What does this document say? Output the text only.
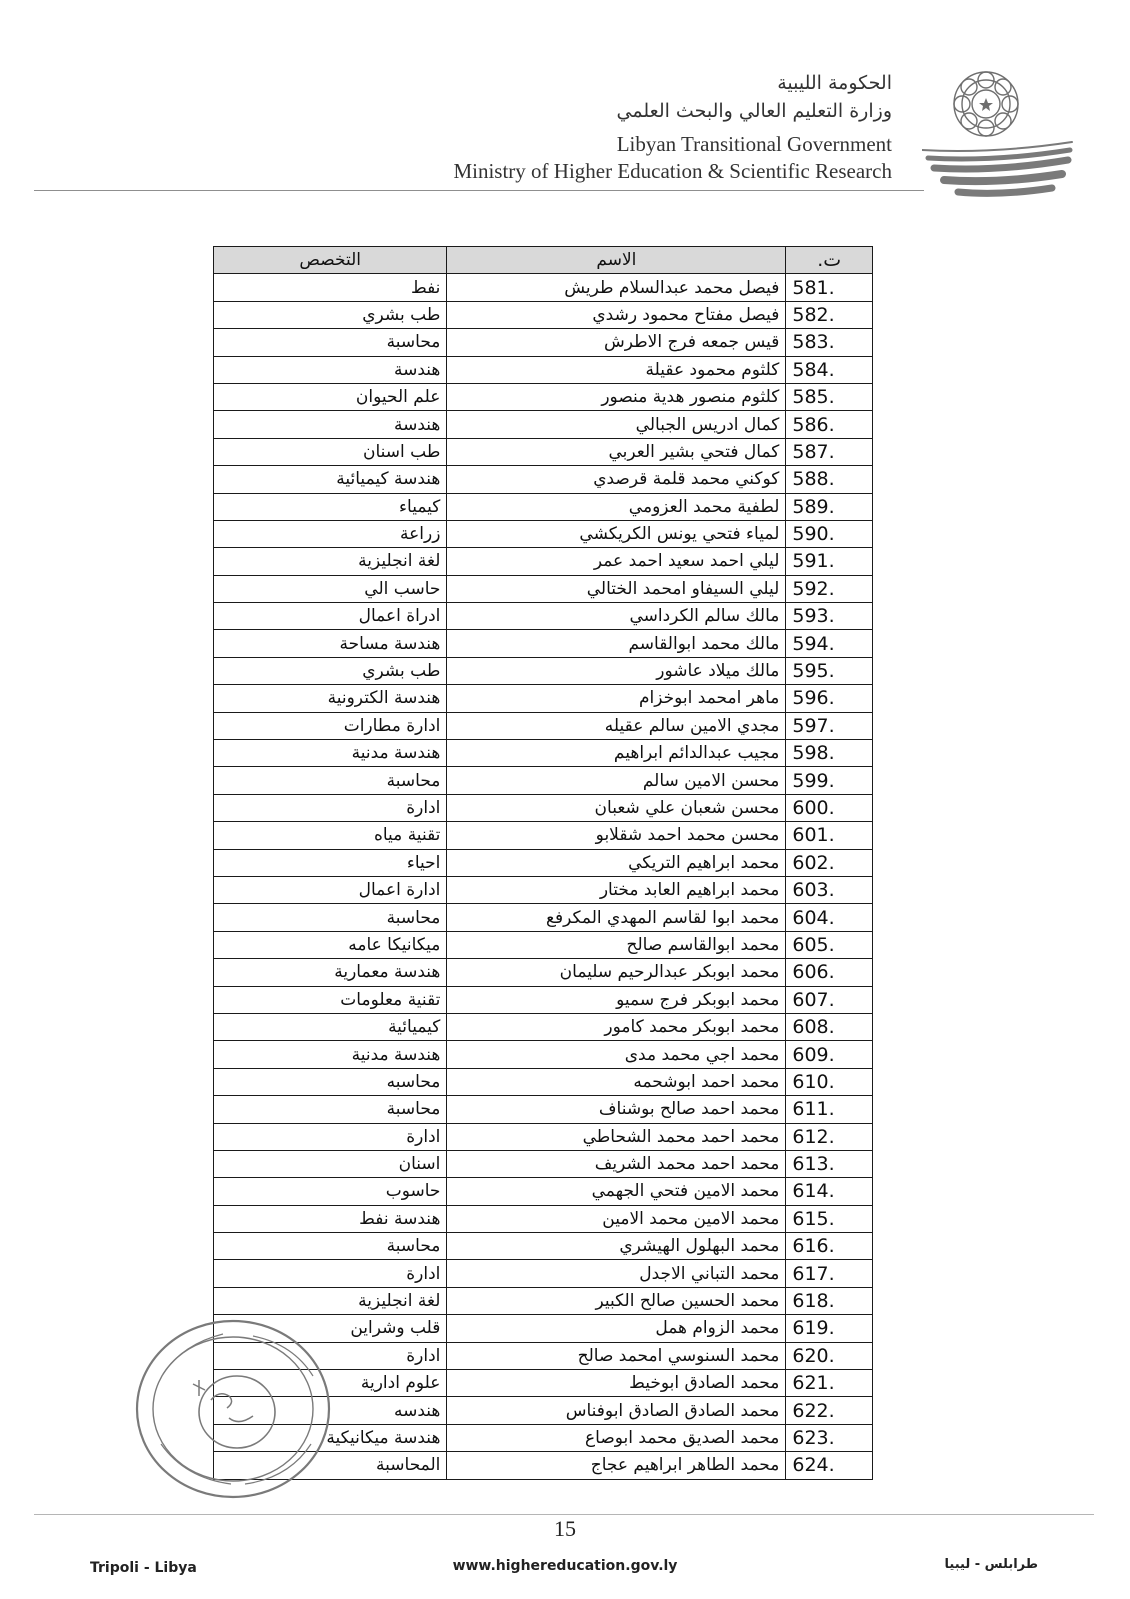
الحكومة الليبية
وزارة التعليم العالي والبحث العلمي
Libyan Transitional Government
Ministry of Higher Education & Scientific Research
ت.	الاسم	التخصص
581.	فيصل محمد عبدالسلام طريش	نفط
582.	فيصل مفتاح محمود رشدي	طب بشري
583.	قيس جمعه فرج الاطرش	محاسبة
584.	كلثوم محمود عقيلة	هندسة
585.	كلثوم منصور هدية منصور	علم الحيوان
586.	كمال ادريس الجبالي	هندسة
587.	كمال فتحي بشير العربي	طب اسنان
588.	كوكني محمد قلمة قرصدي	هندسة كيميائية
589.	لطفية محمد العزومي	كيمياء
590.	لمياء فتحي يونس الكريكشي	زراعة
591.	ليلي احمد سعيد احمد عمر	لغة انجليزية
592.	ليلي السيفاو امحمد الختالي	حاسب الي
593.	مالك سالم الكرداسي	ادراة اعمال
594.	مالك محمد ابوالقاسم	هندسة مساحة
595.	مالك ميلاد عاشور	طب بشري
596.	ماهر امحمد ابوخزام	هندسة الكترونية
597.	مجدي الامين سالم عقيله	ادارة مطارات
598.	مجيب عبدالدائم ابراهيم	هندسة مدنية
599.	محسن الامين سالم	محاسبة
600.	محسن شعبان علي شعبان	ادارة
601.	محسن محمد احمد شقلابو	تقنية مياه
602.	محمد ابراهيم التريكي	احياء
603.	محمد ابراهيم العابد مختار	ادارة اعمال
604.	محمد ابوا لقاسم المهدي المكرفع	محاسبة
605.	محمد ابوالقاسم صالح	ميكانيكا عامه
606.	محمد ابوبكر عبدالرحيم سليمان	هندسة معمارية
607.	محمد ابوبكر فرج سميو	تقنية معلومات
608.	محمد ابوبكر محمد كامور	كيميائية
609.	محمد اجي محمد مدى	هندسة مدنية
610.	محمد احمد ابوشحمه	محاسبه
611.	محمد احمد صالح بوشناف	محاسبة
612.	محمد احمد محمد الشحاطي	ادارة
613.	محمد احمد محمد الشريف	اسنان
614.	محمد الامين فتحي الجهمي	حاسوب
615.	محمد الامين محمد الامين	هندسة نفط
616.	محمد البهلول الهيشري	محاسبة
617.	محمد التباني الاجدل	ادارة
618.	محمد الحسين صالح الكبير	لغة انجليزية
619.	محمد الزوام همل	قلب وشراين
620.	محمد السنوسي امحمد صالح	ادارة
621.	محمد الصادق ابوخيط	علوم ادارية
622.	محمد الصادق الصادق ابوفناس	هندسه
623.	محمد الصديق محمد ابوصاع	هندسة ميكانيكية
624.	محمد الطاهر ابراهيم عجاج	المحاسبة
15
Tripoli - Libya	www.highereducation.gov.ly	طرابلس - ليبيا
